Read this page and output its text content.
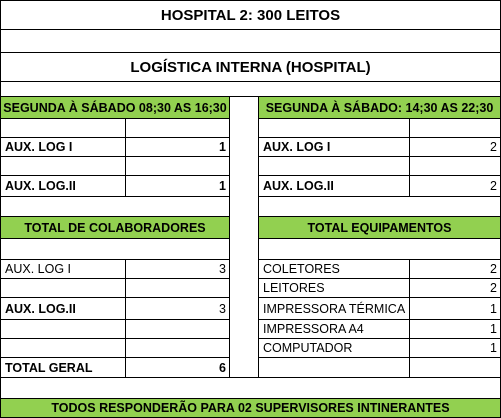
HOSPITAL 2: 300 LEITOS
LOGÍSTICA INTERNA (HOSPITAL)
SEGUNDA À SÁBADO 08;30 AS 16;30
AUX. LOG I	1
AUX. LOG.II	1
TOTAL DE COLABORADORES
AUX. LOG I	3
AUX. LOG.II	3
TOTAL GERAL	6
SEGUNDA À SÁBADO: 14;30 AS 22;30
AUX. LOG I	2
AUX. LOG.II	2
TOTAL EQUIPAMENTOS
COLETORES	2
LEITORES	2
IMPRESSORA TÉRMICA	1
IMPRESSORA A4	1
COMPUTADOR	1
TODOS RESPONDERÃO PARA 02 SUPERVISORES INTINERANTES
